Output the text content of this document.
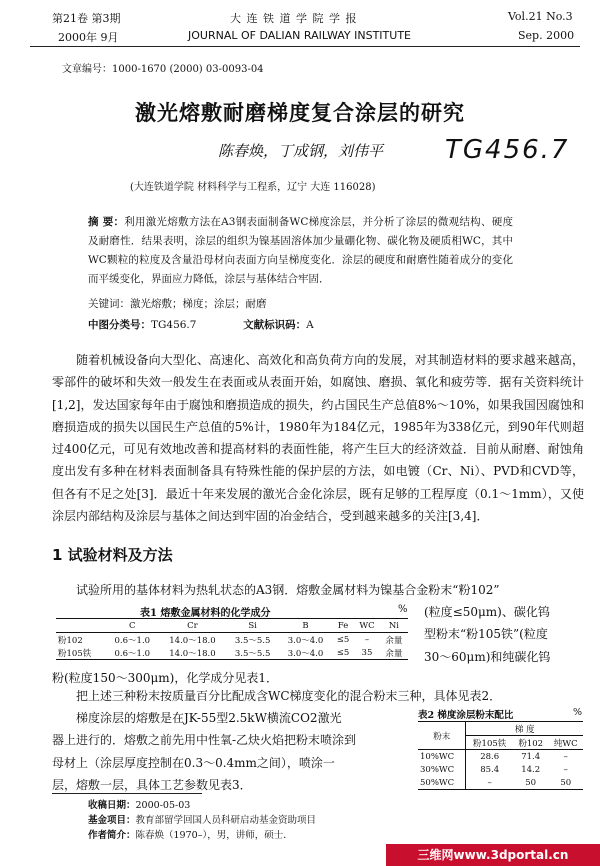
第21卷 第3期	大 连 铁 道 学 院 学 报	Vol.21 No.3
2000年 9月	JOURNAL OF DALIAN RAILWAY INSTITUTE	Sep. 2000
文章编号：1000-1670 (2000) 03-0093-04
激光熔敷耐磨梯度复合涂层的研究
陈春焕，丁成钢，刘伟平 TG456.7
(大连铁道学院 材料科学与工程系，辽宁 大连 116028)
摘 要：利用激光熔敷方法在A3钢表面制备WC梯度涂层，并分析了涂层的微观结构、硬度及耐磨性．结果表明，涂层的组织为镍基固溶体加少量硼化物、碳化物及硬质相WC，其中WC颗粒的粒度及含量沿母材向表面方向呈梯度变化．涂层的硬度和耐磨性随着成分的变化而平缓变化，界面应力降低，涂层与基体结合牢固．
关键词：激光熔敷；梯度；涂层；耐磨
中图分类号：TG456.7	文献标识码：A
随着机械设备向大型化、高速化、高效化和高负荷方向的发展，对其制造材料的要求越来越高，零部件的破坏和失效一般发生在表面或从表面开始，如腐蚀、磨损、氧化和疲劳等．据有关资料统计[1,2]，发达国家每年由于腐蚀和磨损造成的损失，约占国民生产总值8%～10%，如果我国因腐蚀和磨损造成的损失以国民生产总值的5%计，1980年为184亿元，1985年为338亿元，到90年代则超过400亿元，可见有效地改善和提高材料的表面性能，将产生巨大的经济效益．目前从耐磨、耐蚀角度出发有多种在材料表面制备具有特殊性能的保护层的方法，如电镀（Cr、Ni）、PVD和CVD等，但各有不足之处[3]．最近十年来发展的激光合金化涂层，既有足够的工程厚度（0.1～1mm），又使涂层内部结构及涂层与基体之间达到牢固的冶金结合，受到越来越多的关注[3,4]．
1 试验材料及方法
试验所用的基体材料为热轧状态的A3钢．熔敷金属材料为镍基合金粉末“粉102”
表1 熔敷金属材料的化学成分	%
	C	Cr	Si	B	Fe	WC	Ni
粉102	0.6～1.0	14.0～18.0	3.5～5.5	3.0～4.0	≤5	–	余量
粉105铁	0.6～1.0	14.0～18.0	3.5～5.5	3.0～4.0	≤5	35	余量
(粒度≤50μm)、碳化钨
型粉末“粉105铁”(粒度
30～60μm)和纯碳化钨
粉(粒度150～300μm)，化学成分见表1．
把上述三种粉末按质量百分比配成含WC梯度变化的混合粉末三种，具体见表2．
梯度涂层的熔敷是在JK-55型2.5kW横流CO2激光
器上进行的．熔敷之前先用中性氧-乙炔火焰把粉末喷涂到
母材上（涂层厚度控制在0.3～0.4mm之间），喷涂一
层，熔敷一层，具体工艺参数见表3．
表2 梯度涂层粉末配比	%
粉末	梯 度		
	粉105铁	粉102	纯WC
10%WC	28.6	71.4	–
30%WC	85.4	14.2	–
50%WC	–	50	50
收稿日期：2000-05-03
基金项目：教育部留学回国人员科研启动基金资助项目
作者简介：陈春焕（1970–），男，讲师，硕士．
三维网www.3dportal.cn
